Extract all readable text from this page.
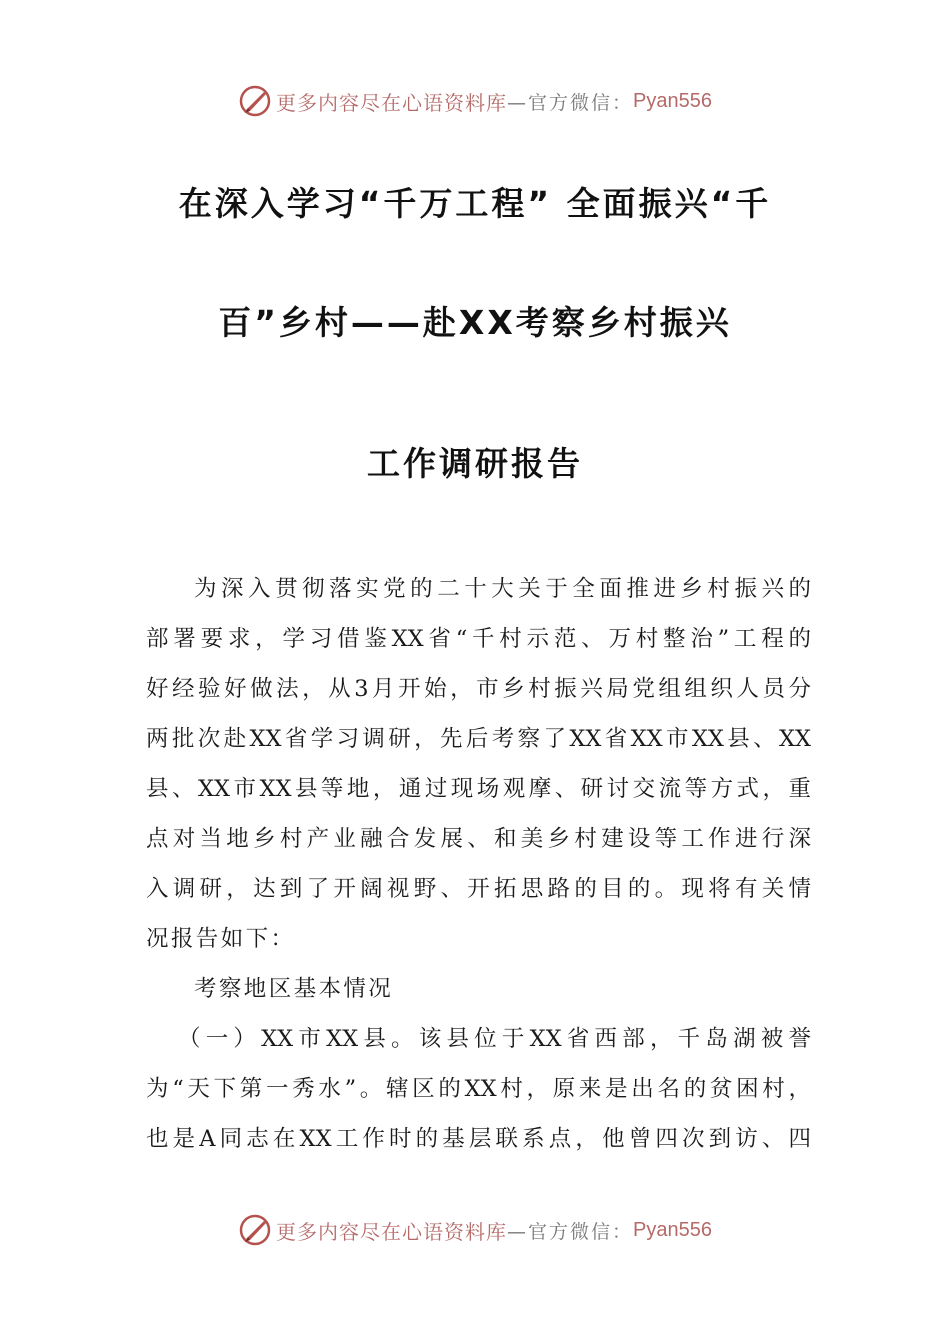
更多内容尽在心语资料库 —官方微信： Pyan556
在深入学习“千万工程” 全面振兴“千
百”乡村——赴XX考察乡村振兴
工作调研报告
为深入贯彻落实党的二十大关于全面推进乡村振兴的
部署要求，学习借鉴XX省“千村示范、万村整治”工程的
好经验好做法，从3月开始，市乡村振兴局党组组织人员分
两批次赴XX省学习调研，先后考察了XX省XX市XX县、XX
县、XX市XX县等地，通过现场观摩、研讨交流等方式，重
点对当地乡村产业融合发展、和美乡村建设等工作进行深
入调研，达到了开阔视野、开拓思路的目的。现将有关情
况报告如下：
考察地区基本情况
（一）XX市XX县。该县位于XX省西部，千岛湖被誉
为“天下第一秀水”。辖区的XX村，原来是出名的贫困村，
也是A同志在XX工作时的基层联系点，他曾四次到访、四
更多内容尽在心语资料库 —官方微信： Pyan556
